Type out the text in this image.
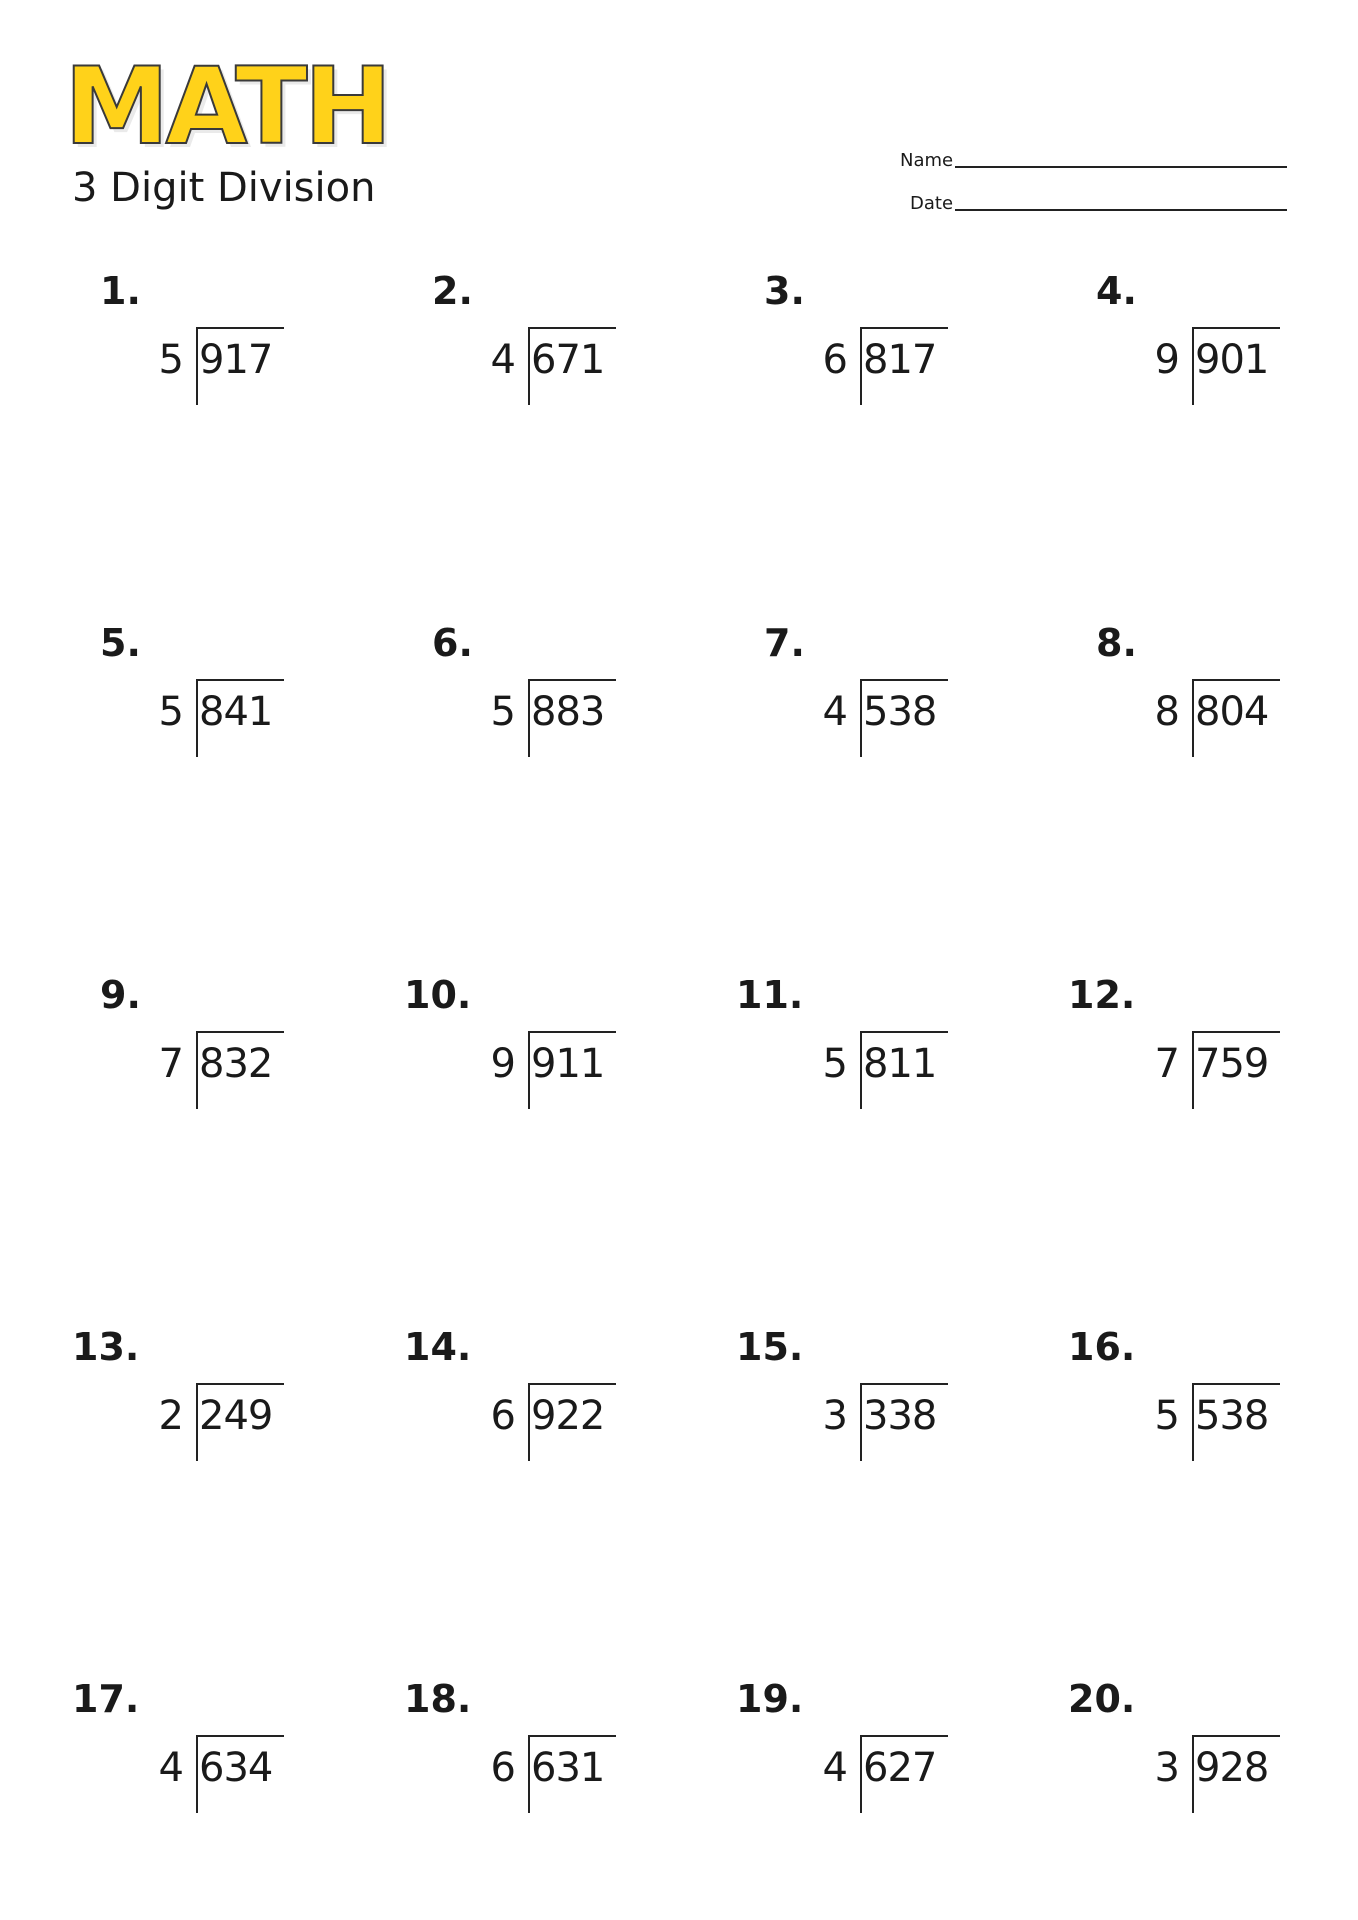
MATH
3 Digit Division
Name
Date
1.
5 917
2.
4 671
3.
6 817
4.
9 901
5.
5 841
6.
5 883
7.
4 538
8.
8 804
9.
7 832
10.
9 911
11.
5 811
12.
7 759
13.
2 249
14.
6 922
15.
3 338
16.
5 538
17.
4 634
18.
6 631
19.
4 627
20.
3 928
